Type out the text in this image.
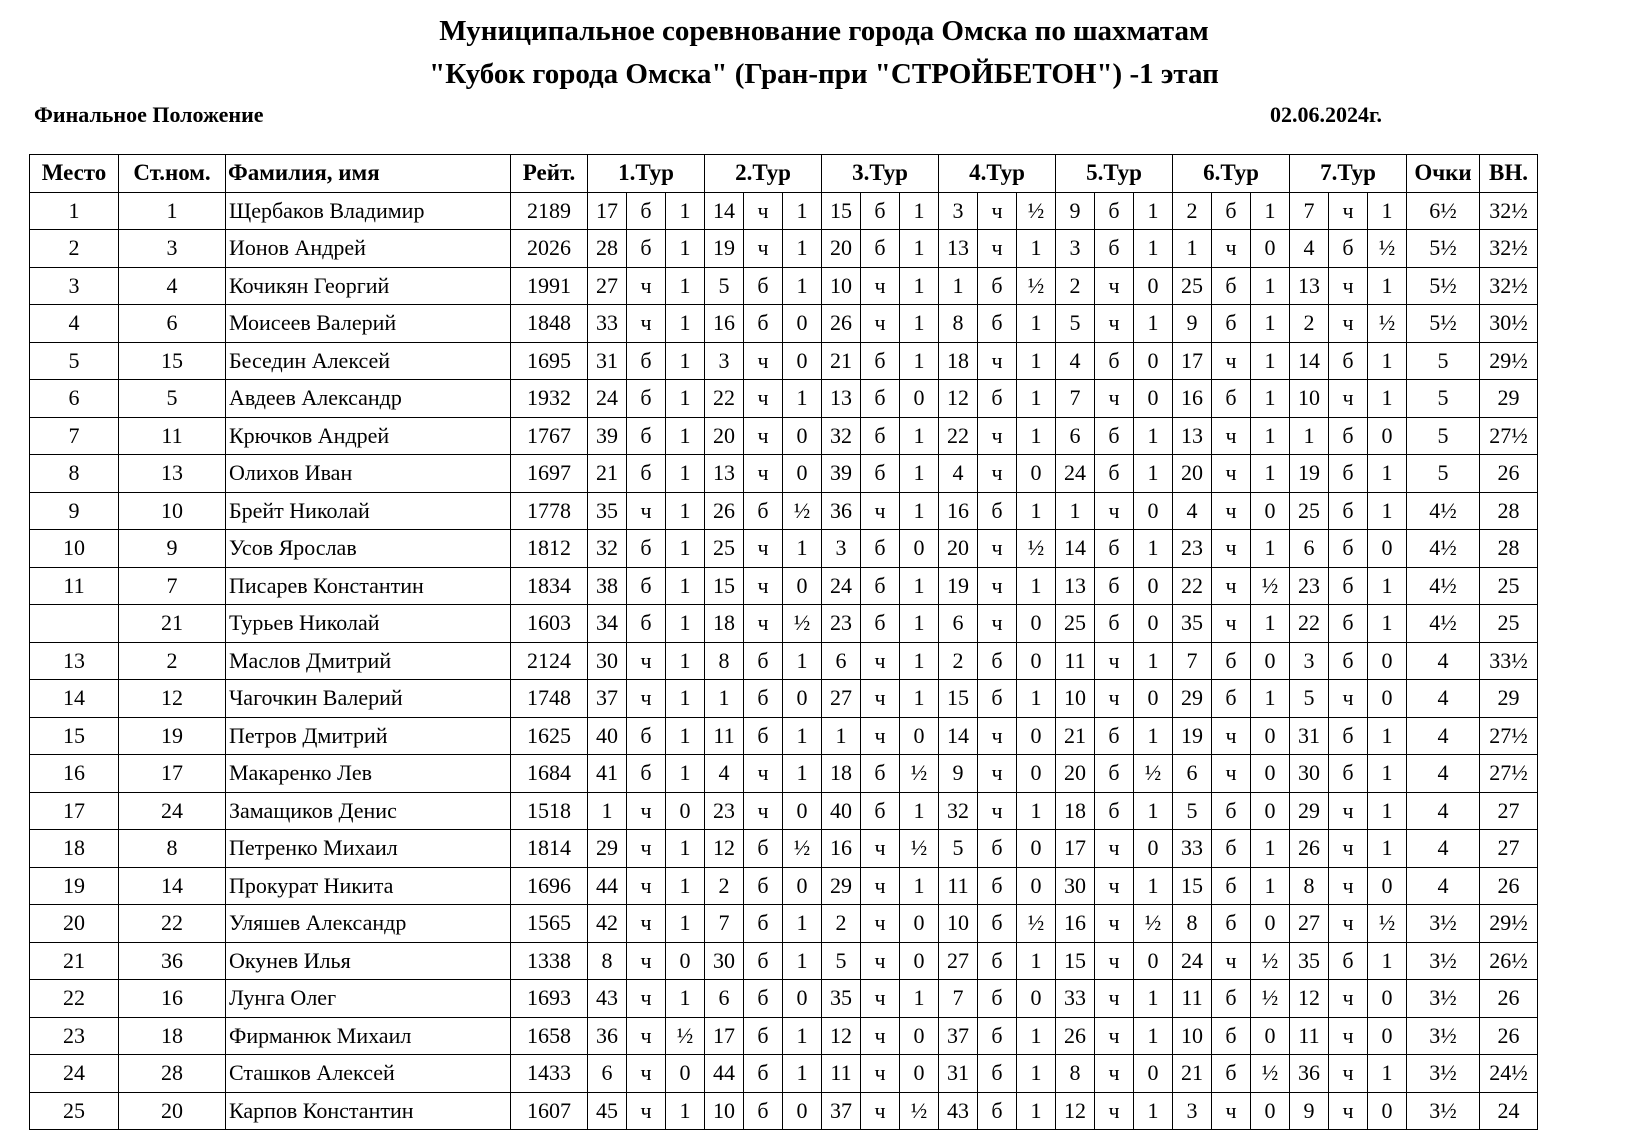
Муниципальное соревнование города Омска по шахматам
"Кубок города Омска" (Гран-при "СТРОЙБЕТОН") -1 этап
Финальное Положение	02.06.2024г.
Место	Ст.ном.	Фамилия, имя	Рейт.	1.Тур			2.Тур			3.Тур			4.Тур			5.Тур			6.Тур			7.Тур			Очки	ВН.
1	1	Щербаков Владимир	2189	17	б	1	14	ч	1	15	б	1	3	ч	½	9	б	1	2	б	1	7	ч	1	6½	32½
2	3	Ионов Андрей	2026	28	б	1	19	ч	1	20	б	1	13	ч	1	3	б	1	1	ч	0	4	б	½	5½	32½
3	4	Кочикян Георгий	1991	27	ч	1	5	б	1	10	ч	1	1	б	½	2	ч	0	25	б	1	13	ч	1	5½	32½
4	6	Моисеев Валерий	1848	33	ч	1	16	б	0	26	ч	1	8	б	1	5	ч	1	9	б	1	2	ч	½	5½	30½
5	15	Беседин Алексей	1695	31	б	1	3	ч	0	21	б	1	18	ч	1	4	б	0	17	ч	1	14	б	1	5	29½
6	5	Авдеев Александр	1932	24	б	1	22	ч	1	13	б	0	12	б	1	7	ч	0	16	б	1	10	ч	1	5	29
7	11	Крючков Андрей	1767	39	б	1	20	ч	0	32	б	1	22	ч	1	6	б	1	13	ч	1	1	б	0	5	27½
8	13	Олихов Иван	1697	21	б	1	13	ч	0	39	б	1	4	ч	0	24	б	1	20	ч	1	19	б	1	5	26
9	10	Брейт Николай	1778	35	ч	1	26	б	½	36	ч	1	16	б	1	1	ч	0	4	ч	0	25	б	1	4½	28
10	9	Усов Ярослав	1812	32	б	1	25	ч	1	3	б	0	20	ч	½	14	б	1	23	ч	1	6	б	0	4½	28
11	7	Писарев Константин	1834	38	б	1	15	ч	0	24	б	1	19	ч	1	13	б	0	22	ч	½	23	б	1	4½	25
	21	Турьев Николай	1603	34	б	1	18	ч	½	23	б	1	6	ч	0	25	б	0	35	ч	1	22	б	1	4½	25
13	2	Маслов Дмитрий	2124	30	ч	1	8	б	1	6	ч	1	2	б	0	11	ч	1	7	б	0	3	б	0	4	33½
14	12	Чагочкин Валерий	1748	37	ч	1	1	б	0	27	ч	1	15	б	1	10	ч	0	29	б	1	5	ч	0	4	29
15	19	Петров Дмитрий	1625	40	б	1	11	б	1	1	ч	0	14	ч	0	21	б	1	19	ч	0	31	б	1	4	27½
16	17	Макаренко Лев	1684	41	б	1	4	ч	1	18	б	½	9	ч	0	20	б	½	6	ч	0	30	б	1	4	27½
17	24	Замащиков Денис	1518	1	ч	0	23	ч	0	40	б	1	32	ч	1	18	б	1	5	б	0	29	ч	1	4	27
18	8	Петренко Михаил	1814	29	ч	1	12	б	½	16	ч	½	5	б	0	17	ч	0	33	б	1	26	ч	1	4	27
19	14	Прокурат Никита	1696	44	ч	1	2	б	0	29	ч	1	11	б	0	30	ч	1	15	б	1	8	ч	0	4	26
20	22	Уляшев Александр	1565	42	ч	1	7	б	1	2	ч	0	10	б	½	16	ч	½	8	б	0	27	ч	½	3½	29½
21	36	Окунев Илья	1338	8	ч	0	30	б	1	5	ч	0	27	б	1	15	ч	0	24	ч	½	35	б	1	3½	26½
22	16	Лунга Олег	1693	43	ч	1	6	б	0	35	ч	1	7	б	0	33	ч	1	11	б	½	12	ч	0	3½	26
23	18	Фирманюк Михаил	1658	36	ч	½	17	б	1	12	ч	0	37	б	1	26	ч	1	10	б	0	11	ч	0	3½	26
24	28	Сташков Алексей	1433	6	ч	0	44	б	1	11	ч	0	31	б	1	8	ч	0	21	б	½	36	ч	1	3½	24½
25	20	Карпов Константин	1607	45	ч	1	10	б	0	37	ч	½	43	б	1	12	ч	1	3	ч	0	9	ч	0	3½	24
